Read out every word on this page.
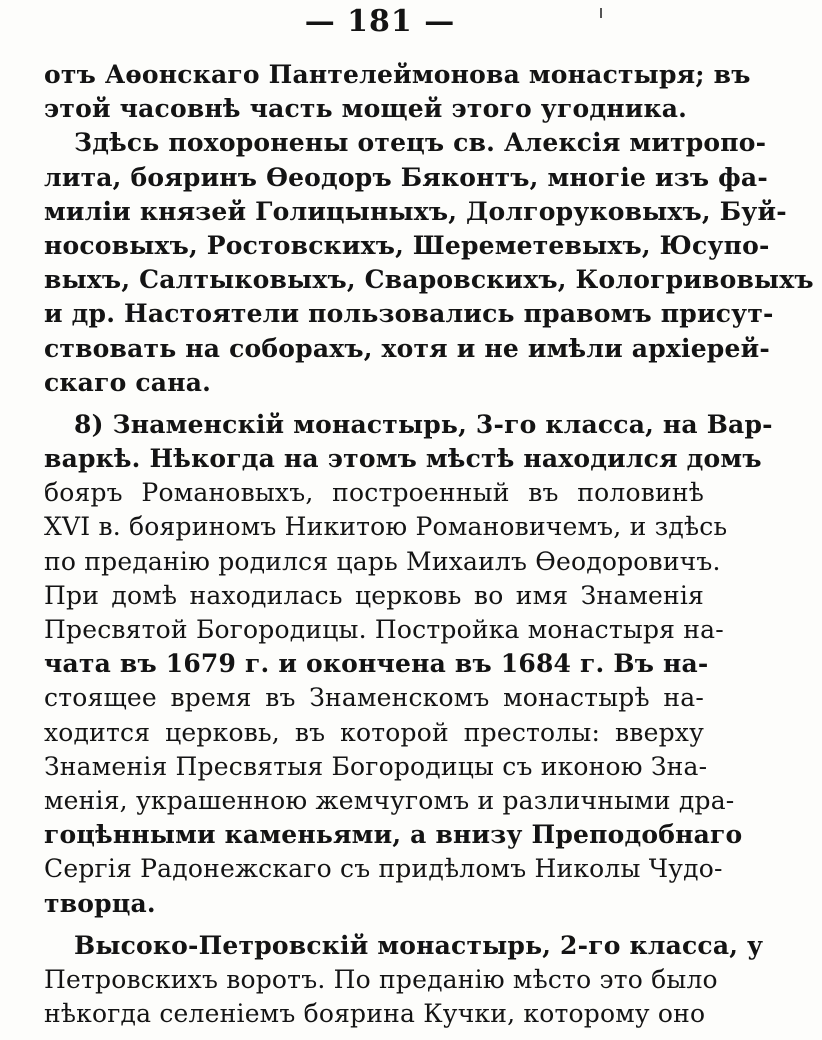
— 181 —
отъ Аѳонскаго Пантелеймонова монастыря; въ
этой часовнѣ часть мощей этого угодника.
Здѣсь похоронены отецъ св. Алексія митропо-
лита, бояринъ Ѳеодоръ Бяконтъ, многіе изъ фа-
миліи князей Голицыныхъ, Долгоруковыхъ, Буй-
носовыхъ, Ростовскихъ, Шереметевыхъ, Юсупо-
выхъ, Салтыковыхъ, Сваровскихъ, Кологривовыхъ
и др. Настоятели пользовались правомъ присут-
ствовать на соборахъ, хотя и не имѣли архіерей-
скаго сана.
8) Знаменскій монастырь, 3-го класса, на Вар-
варкѣ. Нѣкогда на этомъ мѣстѣ находился домъ
бояръ Романовыхъ, построенный въ половинѣ
XVI в. бояриномъ Никитою Романовичемъ, и здѣсь
по преданію родился царь Михаилъ Ѳеодоровичъ.
При домѣ находилась церковь во имя Знаменія
Пресвятой Богородицы. Постройка монастыря на-
чата въ 1679 г. и окончена въ 1684 г. Въ на-
стоящее время въ Знаменскомъ монастырѣ на-
ходится церковь, въ которой престолы: вверху
Знаменія Пресвятыя Богородицы съ иконою Зна-
менія, украшенною жемчугомъ и различными дра-
гоцѣнными каменьями, а внизу Преподобнаго
Сергія Радонежскаго съ придѣломъ Николы Чудо-
творца.
Высоко-Петровскій монастырь, 2-го класса, у
Петровскихъ воротъ. По преданію мѣсто это было
нѣкогда селеніемъ боярина Кучки, которому оно
